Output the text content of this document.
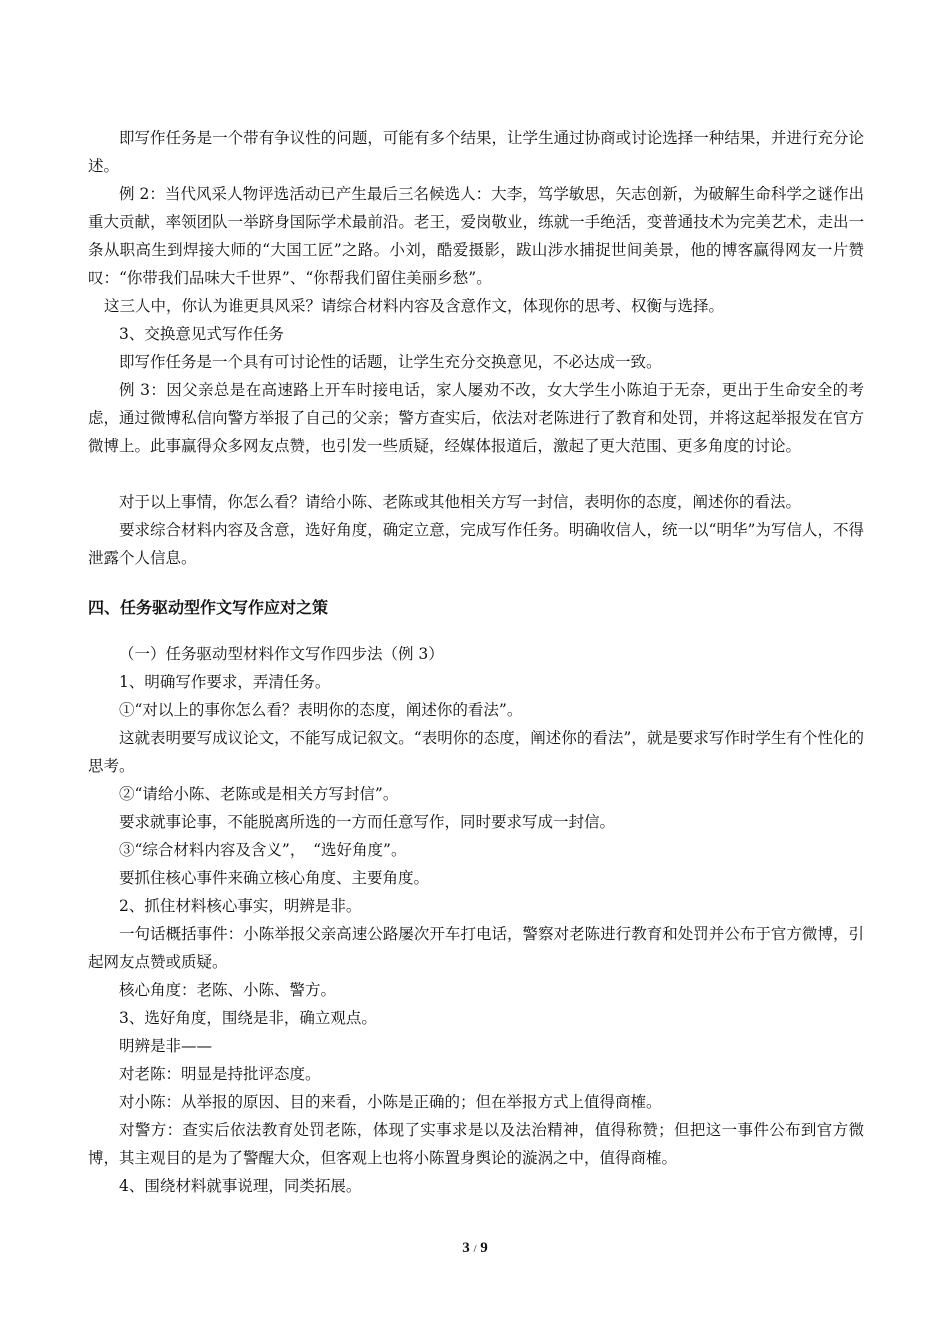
即写作任务是一个带有争议性的问题，可能有多个结果，让学生通过协商或讨论选择一种结果，并进行充分论述。

例 2：当代风采人物评选活动已产生最后三名候选人：大李，笃学敏思，矢志创新，为破解生命科学之谜作出重大贡献，率领团队一举跻身国际学术最前沿。老王，爱岗敬业，练就一手绝活，变普通技术为完美艺术，走出一条从职高生到焊接大师的“大国工匠”之路。小刘，酷爱摄影，跋山涉水捕捉世间美景，他的博客赢得网友一片赞叹：“你带我们品味大千世界”、“你帮我们留住美丽乡愁”。

这三人中，你认为谁更具风采？请综合材料内容及含意作文，体现你的思考、权衡与选择。

3、交换意见式写作任务

即写作任务是一个具有可讨论性的话题，让学生充分交换意见，不必达成一致。

例 3：因父亲总是在高速路上开车时接电话，家人屡劝不改，女大学生小陈迫于无奈，更出于生命安全的考虑，通过微博私信向警方举报了自己的父亲；警方查实后，依法对老陈进行了教育和处罚，并将这起举报发在官方微博上。此事赢得众多网友点赞，也引发一些质疑，经媒体报道后，激起了更大范围、更多角度的讨论。

对于以上事情，你怎么看？请给小陈、老陈或其他相关方写一封信，表明你的态度，阐述你的看法。

要求综合材料内容及含意，选好角度，确定立意，完成写作任务。明确收信人，统一以“明华”为写信人，不得泄露个人信息。

四、任务驱动型作文写作应对之策

（一）任务驱动型材料作文写作四步法（例 3）

1、明确写作要求，弄清任务。

①“对以上的事你怎么看？表明你的态度，阐述你的看法”。

这就表明要写成议论文，不能写成记叙文。“表明你的态度，阐述你的看法”，就是要求写作时学生有个性化的思考。

②“请给小陈、老陈或是相关方写封信”。

要求就事论事，不能脱离所选的一方而任意写作，同时要求写成一封信。

③“综合材料内容及含义”，　“选好角度”。

要抓住核心事件来确立核心角度、主要角度。

2、抓住材料核心事实，明辨是非。

一句话概括事件：小陈举报父亲高速公路屡次开车打电话，警察对老陈进行教育和处罚并公布于官方微博，引起网友点赞或质疑。

核心角度：老陈、小陈、警方。

3、选好角度，围绕是非，确立观点。

明辨是非——

对老陈：明显是持批评态度。

对小陈：从举报的原因、目的来看，小陈是正确的；但在举报方式上值得商榷。

对警方：查实后依法教育处罚老陈，体现了实事求是以及法治精神，值得称赞；但把这一事件公布到官方微博，其主观目的是为了警醒大众，但客观上也将小陈置身舆论的漩涡之中，值得商榷。

4、围绕材料就事说理，同类拓展。

3 / 9
